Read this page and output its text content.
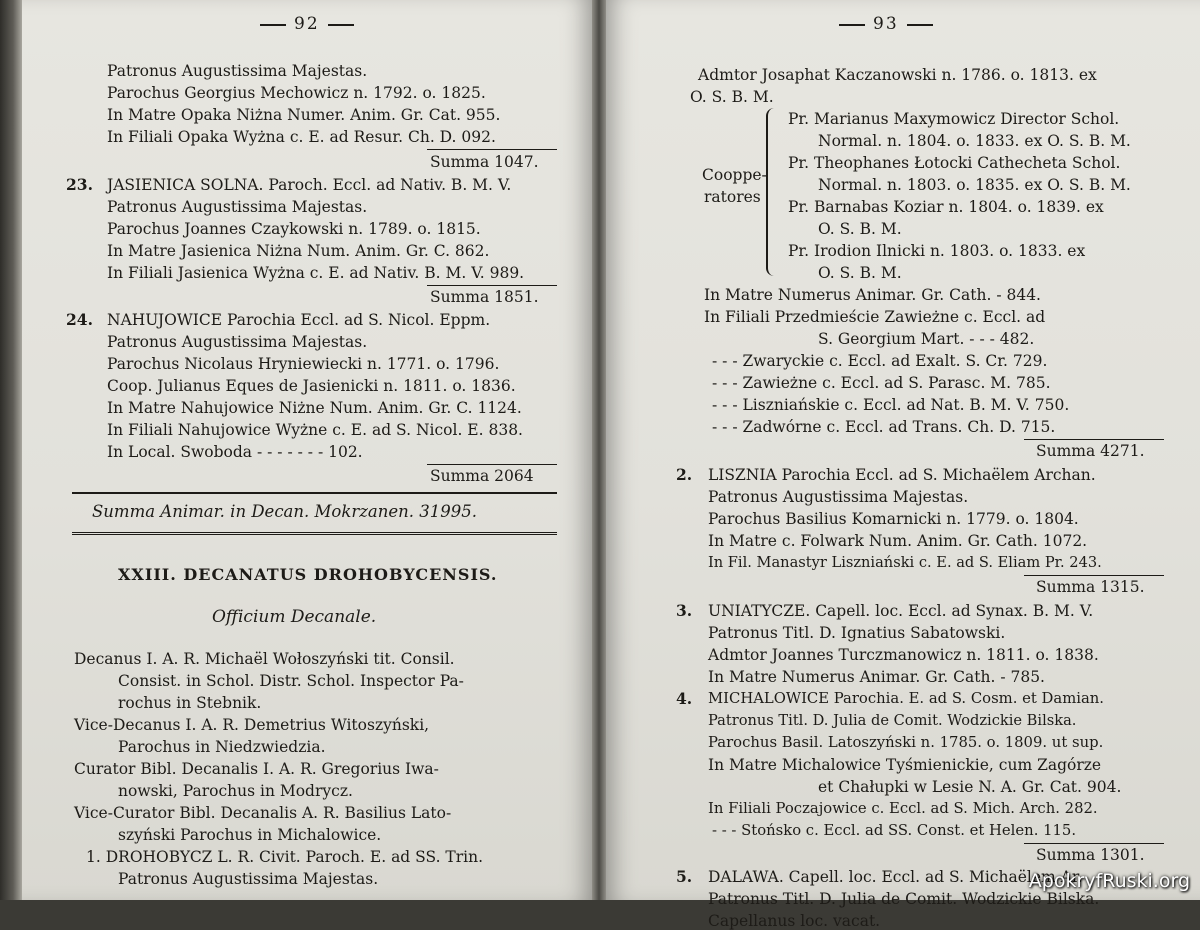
92
Patronus Augustissima Majestas.
Parochus Georgius Mechowicz n. 1792. o. 1825.
In Matre Opaka Niżna Numer. Anim. Gr. Cat. 955.
In Filiali Opaka Wyżna c. E. ad Resur. Ch. D. 092.
Summa 1047.
23. JASIENICA SOLNA. Paroch. Eccl. ad Nativ. B. M. V.
Patronus Augustissima Majestas.
Parochus Joannes Czaykowski n. 1789. o. 1815.
In Matre Jasienica Niżna Num. Anim. Gr. C. 862.
In Filiali Jasienica Wyżna c. E. ad Nativ. B. M. V. 989.
Summa 1851.
24. NAHUJOWICE Parochia Eccl. ad S. Nicol. Eppm.
Patronus Augustissima Majestas.
Parochus Nicolaus Hryniewiecki n. 1771. o. 1796.
Coop. Julianus Eques de Jasienicki n. 1811. o. 1836.
In Matre Nahujowice Niżne Num. Anim. Gr. C. 1124.
In Filiali Nahujowice Wyżne c. E. ad S. Nicol. E. 838.
In Local. Swoboda - - - - - - - 102.
Summa 2064
Summa Animar. in Decan. Mokrzanen. 31995.
XXIII. DECANATUS DROHOBYCENSIS.
Officium Decanale.
Decanus I. A. R. Michaël Wołoszyński tit. Consil.
Consist. in Schol. Distr. Schol. Inspector Pa-
rochus in Stebnik.
Vice-Decanus I. A. R. Demetrius Witoszyński,
Parochus in Niedzwiedzia.
Curator Bibl. Decanalis I. A. R. Gregorius Iwa-
nowski, Parochus in Modrycz.
Vice-Curator Bibl. Decanalis A. R. Basilius Lato-
szyński Parochus in Michalowice.
1. DROHOBYCZ L. R. Civit. Paroch. E. ad SS. Trin.
Patronus Augustissima Majestas.
93
Admtor Josaphat Kaczanowski n. 1786. o. 1813. ex
O. S. B. M.
Cooppe-
ratores
Pr. Marianus Maxymowicz Director Schol.
Normal. n. 1804. o. 1833. ex O. S. B. M.
Pr. Theophanes Łotocki Cathecheta Schol.
Normal. n. 1803. o. 1835. ex O. S. B. M.
Pr. Barnabas Koziar n. 1804. o. 1839. ex
O. S. B. M.
Pr. Irodion Ilnicki n. 1803. o. 1833. ex
O. S. B. M.
In Matre Numerus Animar. Gr. Cath. - 844.
In Filiali Przedmieście Zawieżne c. Eccl. ad
S. Georgium Mart. - - - 482.
- - - Zwaryckie c. Eccl. ad Exalt. S. Cr. 729.
- - - Zawieżne c. Eccl. ad S. Parasc. M. 785.
- - - Liszniańskie c. Eccl. ad Nat. B. M. V. 750.
- - - Zadwórne c. Eccl. ad Trans. Ch. D. 715.
Summa 4271.
2. LISZNIA Parochia Eccl. ad S. Michaëlem Archan.
Patronus Augustissima Majestas.
Parochus Basilius Komarnicki n. 1779. o. 1804.
In Matre c. Folwark Num. Anim. Gr. Cath. 1072.
In Fil. Manastyr Liszniański c. E. ad S. Eliam Pr. 243.
Summa 1315.
3. UNIATYCZE. Capell. loc. Eccl. ad Synax. B. M. V.
Patronus Titl. D. Ignatius Sabatowski.
Admtor Joannes Turczmanowicz n. 1811. o. 1838.
In Matre Numerus Animar. Gr. Cath. - 785.
4. MICHALOWICE Parochia. E. ad S. Cosm. et Damian.
Patronus Titl. D. Julia de Comit. Wodzickie Bilska.
Parochus Basil. Latoszyński n. 1785. o. 1809. ut sup.
In Matre Michalowice Tyśmienickie, cum Zagórze
et Chałupki w Lesie N. A. Gr. Cat. 904.
In Filiali Poczajowice c. Eccl. ad S. Mich. Arch. 282.
- - - Stońsko c. Eccl. ad SS. Const. et Helen. 115.
Summa 1301.
5. DALAWA. Capell. loc. Eccl. ad S. Michaëlem Ar.
Patronus Titl. D. Julia de Comit. Wodzickie Bilska.
Capellanus loc. vacat.
ApokryfRuski.org
